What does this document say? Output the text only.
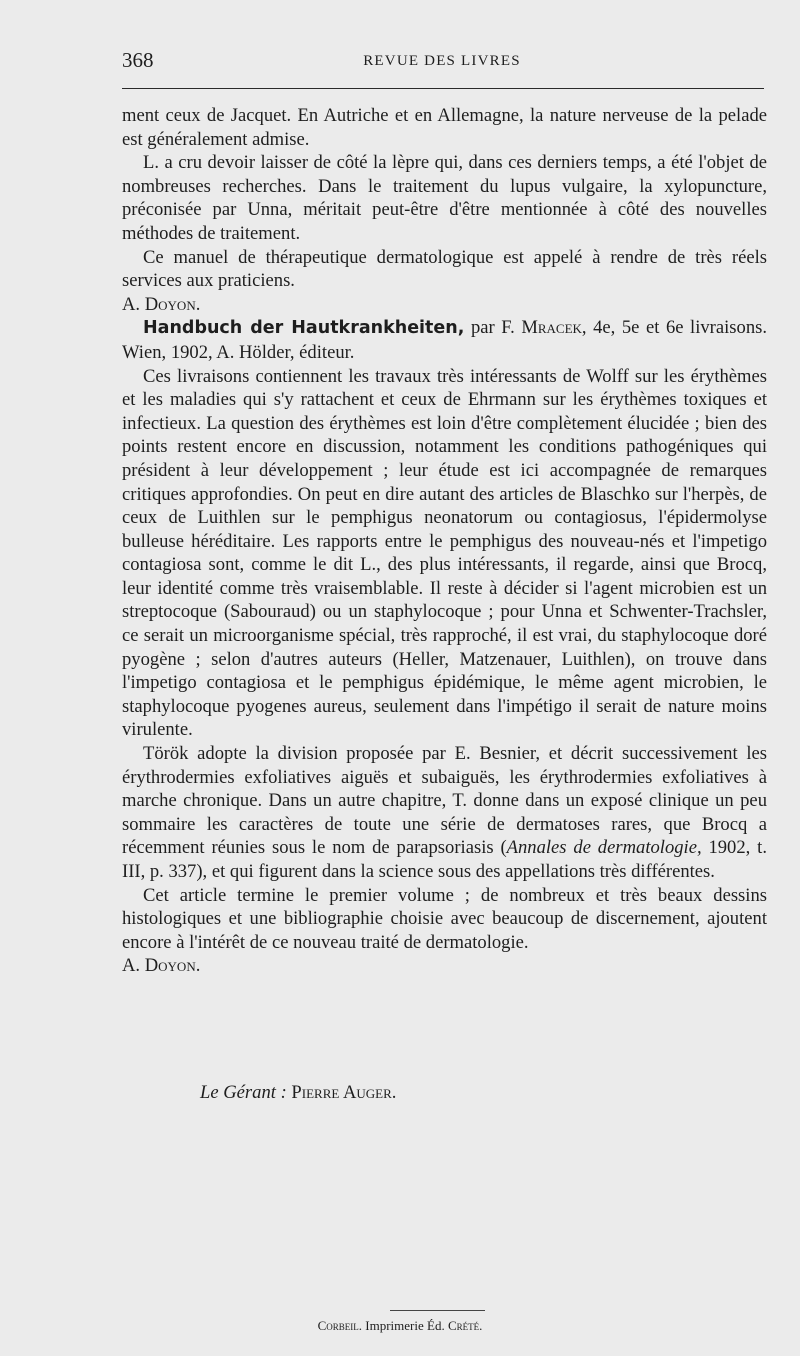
368	REVUE DES LIVRES

ment ceux de Jacquet. En Autriche et en Allemagne, la nature nerveuse de la pelade est généralement admise.

L. a cru devoir laisser de côté la lèpre qui, dans ces derniers temps, a été l'objet de nombreuses recherches. Dans le traitement du lupus vulgaire, la xylopuncture, préconisée par Unna, méritait peut-être d'être mentionnée à côté des nouvelles méthodes de traitement.

Ce manuel de thérapeutique dermatologique est appelé à rendre de très réels services aux praticiens.

A. Doyon.

Handbuch der Hautkrankheiten, par F. Mracek, 4e, 5e et 6e livraisons. Wien, 1902, A. Hölder, éditeur.

Ces livraisons contiennent les travaux très intéressants de Wolff sur les érythèmes et les maladies qui s'y rattachent et ceux de Ehrmann sur les érythèmes toxiques et infectieux. La question des érythèmes est loin d'être complètement élucidée ; bien des points restent encore en discussion, notamment les conditions pathogéniques qui président à leur développement ; leur étude est ici accompagnée de remarques critiques approfondies. On peut en dire autant des articles de Blaschko sur l'herpès, de ceux de Luithlen sur le pemphigus neonatorum ou contagiosus, l'épidermolyse bulleuse héréditaire. Les rapports entre le pemphigus des nouveau-nés et l'impetigo contagiosa sont, comme le dit L., des plus intéressants, il regarde, ainsi que Brocq, leur identité comme très vraisemblable. Il reste à décider si l'agent microbien est un streptocoque (Sabouraud) ou un staphylocoque ; pour Unna et Schwenter-Trachsler, ce serait un microorganisme spécial, très rapproché, il est vrai, du staphylocoque doré pyogène ; selon d'autres auteurs (Heller, Matzenauer, Luithlen), on trouve dans l'impetigo contagiosa et le pemphigus épidémique, le même agent microbien, le staphylocoque pyogenes aureus, seulement dans l'impétigo il serait de nature moins virulente.

Török adopte la division proposée par E. Besnier, et décrit successivement les érythrodermies exfoliatives aiguës et subaiguës, les érythrodermies exfoliatives à marche chronique. Dans un autre chapitre, T. donne dans un exposé clinique un peu sommaire les caractères de toute une série de dermatoses rares, que Brocq a récemment réunies sous le nom de parapsoriasis (Annales de dermatologie, 1902, t. III, p. 337), et qui figurent dans la science sous des appellations très différentes.

Cet article termine le premier volume ; de nombreux et très beaux dessins histologiques et une bibliographie choisie avec beaucoup de discernement, ajoutent encore à l'intérêt de ce nouveau traité de dermatologie.

A. Doyon.

Le Gérant : Pierre Auger.
Corbeil. Imprimerie Éd. Crété.
